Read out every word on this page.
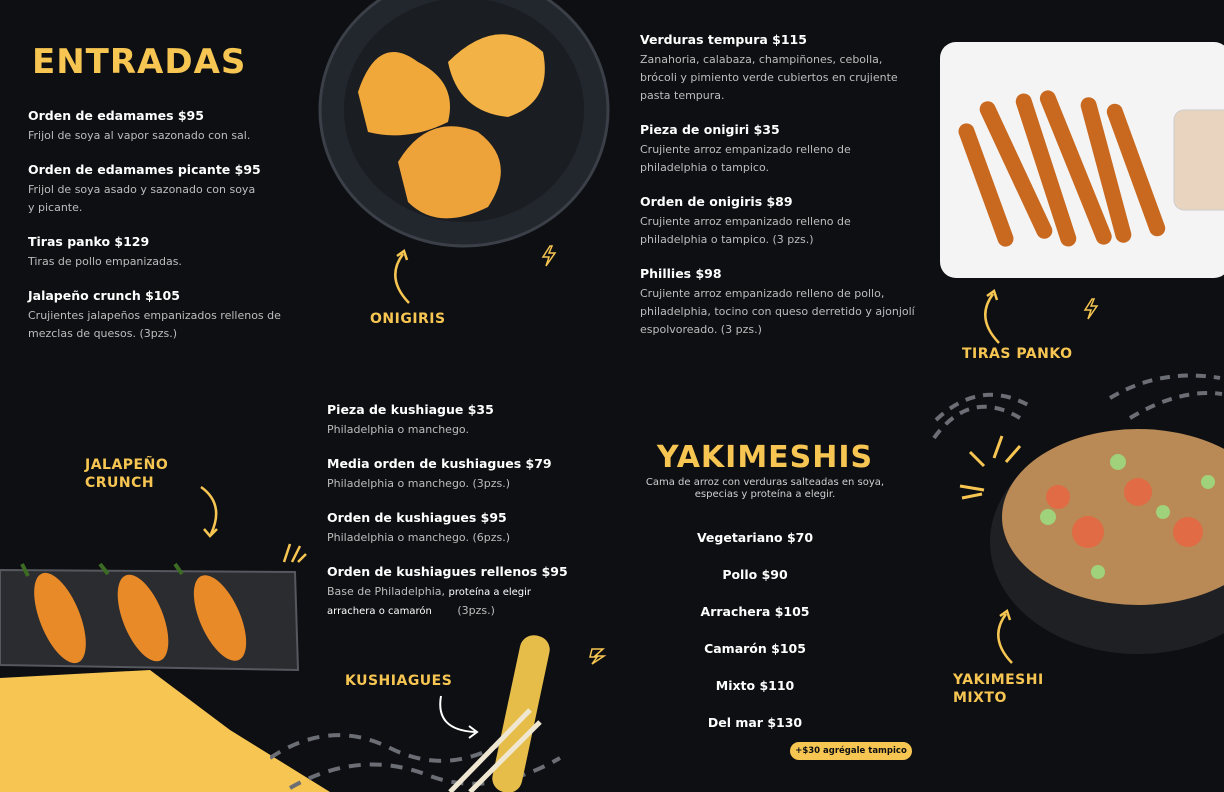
ENTRADAS
Orden de edamames $95
Frijol de soya al vapor sazonado con sal.
Orden de edamames picante $95
Frijol de soya asado y sazonado con soya y picante.
Tiras panko $129
Tiras de pollo empanizadas.
Jalapeño crunch $105
Crujientes jalapeños empanizados rellenos de mezclas de quesos. (3pzs.)
ONIGIRIS
Verduras tempura $115
Zanahoria, calabaza, champiñones, cebolla, brócoli y pimiento verde cubiertos en crujiente pasta tempura.
Pieza de onigiri $35
Crujiente arroz empanizado relleno de philadelphia o tampico.
Orden de onigiris $89
Crujiente arroz empanizado relleno de philadelphia o tampico. (3 pzs.)
Phillies $98
Crujiente arroz empanizado relleno de pollo, philadelphia, tocino con queso derretido y ajonjolí espolvoreado. (3 pzs.)
TIRAS PANKO
JALAPEÑO
CRUNCH
Pieza de kushiague $35
Philadelphia o manchego.
Media orden de kushiagues $79
Philadelphia o manchego. (3pzs.)
Orden de kushiagues $95
Philadelphia o manchego. (6pzs.)
Orden de kushiagues rellenos $95
Base de Philadelphia, proteína a elegir
arrachera o camarón (3pzs.)
KUSHIAGUES
YAKIMESHIS
Cama de arroz con verduras salteadas en soya,
especias y proteína a elegir.
Vegetariano $70
Pollo $90
Arrachera $105
Camarón $105
Mixto $110
Del mar $130
+$30 agrégale tampico
YAKIMESHI
MIXTO
